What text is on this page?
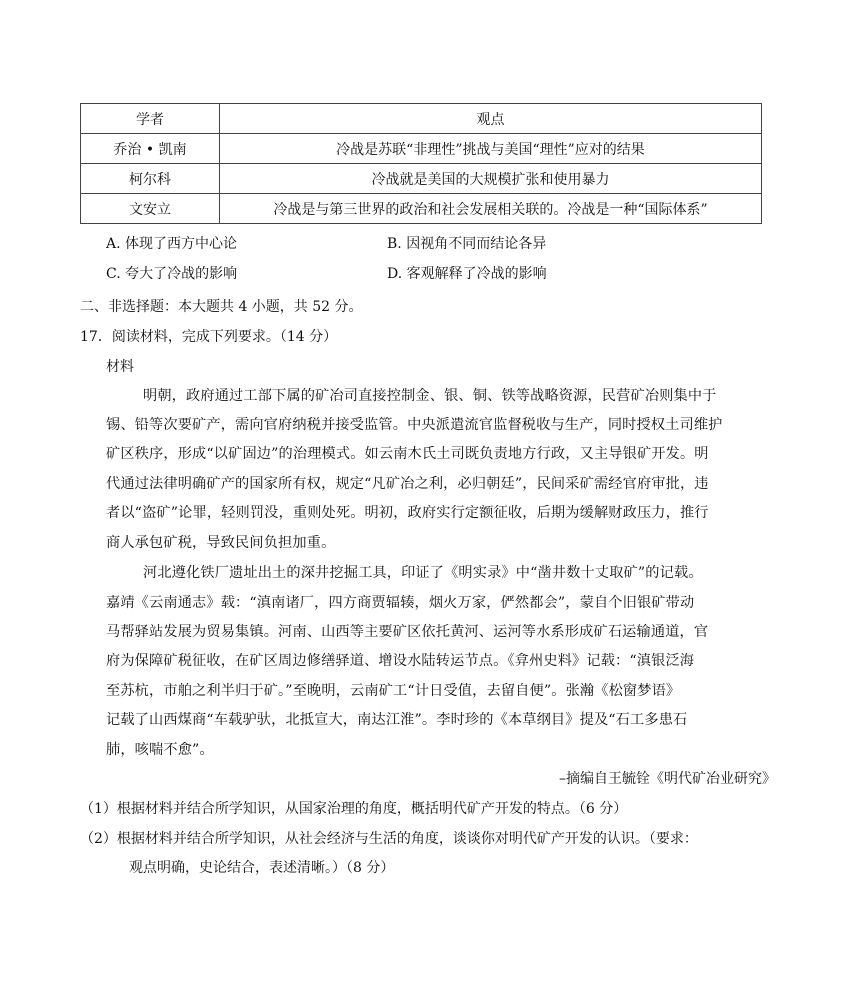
学者	观点
乔治 • 凯南	冷战是苏联“非理性”挑战与美国“理性”应对的结果
柯尔科	冷战就是美国的大规模扩张和使用暴力
文安立	冷战是与第三世界的政治和社会发展相关联的。冷战是一种“国际体系”
A. 体现了西方中心论	B. 因视角不同而结论各异
C. 夸大了冷战的影响	D. 客观解释了冷战的影响
二、非选择题：本大题共 4 小题，共 52 分。
17．阅读材料，完成下列要求。（14 分）
材料
明朝，政府通过工部下属的矿冶司直接控制金、银、铜、铁等战略资源，民营矿冶则集中于
锡、铅等次要矿产，需向官府纳税并接受监管。中央派遣流官监督税收与生产，同时授权土司维护
矿区秩序，形成“以矿固边”的治理模式。如云南木氏土司既负责地方行政，又主导银矿开发。明
代通过法律明确矿产的国家所有权，规定“凡矿冶之利，必归朝廷”，民间采矿需经官府审批，违
者以“盗矿”论罪，轻则罚没，重则处死。明初，政府实行定额征收，后期为缓解财政压力，推行
商人承包矿税，导致民间负担加重。
河北遵化铁厂遗址出土的深井挖掘工具，印证了《明实录》中“凿井数十丈取矿”的记载。
嘉靖《云南通志》载：“滇南诸厂，四方商贾辐辏，烟火万家，俨然都会”，蒙自个旧银矿带动
马帮驿站发展为贸易集镇。河南、山西等主要矿区依托黄河、运河等水系形成矿石运输通道，官
府为保障矿税征收，在矿区周边修缮驿道、增设水陆转运节点。《弇州史料》记载：“滇银泛海
至苏杭，市舶之利半归于矿。”至晚明，云南矿工“计日受值，去留自便”。张瀚《松窗梦语》
记载了山西煤商“车载驴驮，北抵宣大，南达江淮”。李时珍的《本草纲目》提及“石工多患石
肺，咳喘不愈”。
–摘编自王毓铨《明代矿冶业研究》
（1）根据材料并结合所学知识，从国家治理的角度，概括明代矿产开发的特点。（6 分）
（2）根据材料并结合所学知识，从社会经济与生活的角度，谈谈你对明代矿产开发的认识。（要求：
观点明确，史论结合，表述清晰。）（8 分）
